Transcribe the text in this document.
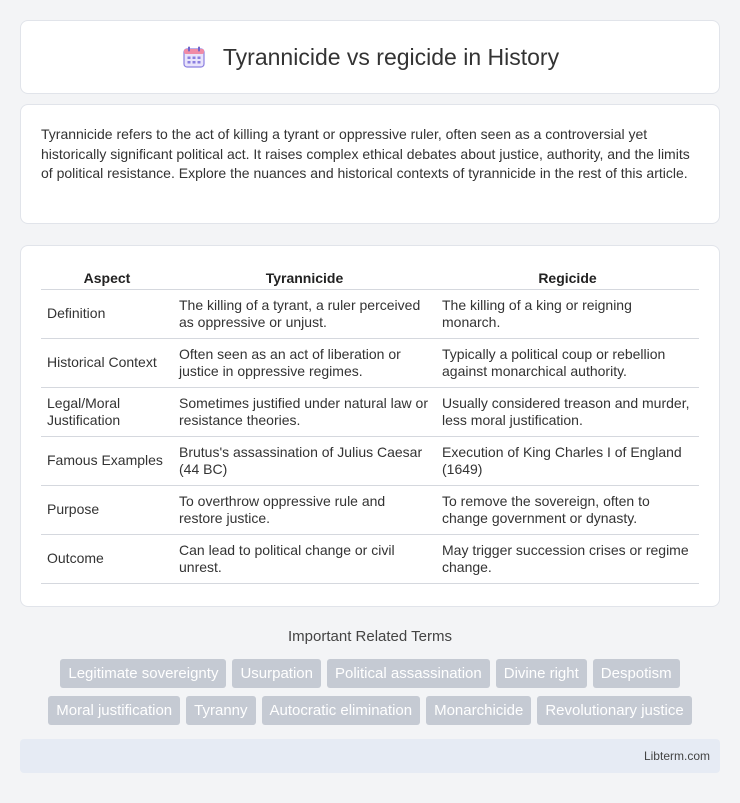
Tyrannicide vs regicide in History

Tyrannicide refers to the act of killing a tyrant or oppressive ruler, often seen as a controversial yet historically significant political act. It raises complex ethical debates about justice, authority, and the limits of political resistance. Explore the nuances and historical contexts of tyrannicide in the rest of this article.

Aspect	Tyrannicide	Regicide
Definition	The killing of a tyrant, a ruler perceived as oppressive or unjust.	The killing of a king or reigning monarch.
Historical Context	Often seen as an act of liberation or justice in oppressive regimes.	Typically a political coup or rebellion against monarchical authority.
Legal/Moral Justification	Sometimes justified under natural law or resistance theories.	Usually considered treason and murder, less moral justification.
Famous Examples	Brutus's assassination of Julius Caesar (44 BC)	Execution of King Charles I of England (1649)
Purpose	To overthrow oppressive rule and restore justice.	To remove the sovereign, often to change government or dynasty.
Outcome	Can lead to political change or civil unrest.	May trigger succession crises or regime change.
Important Related Terms
Legitimate sovereignty	Usurpation	Political assassination	Divine right	Despotism
Moral justification	Tyranny	Autocratic elimination	Monarchicide	Revolutionary justice
Libterm.com
